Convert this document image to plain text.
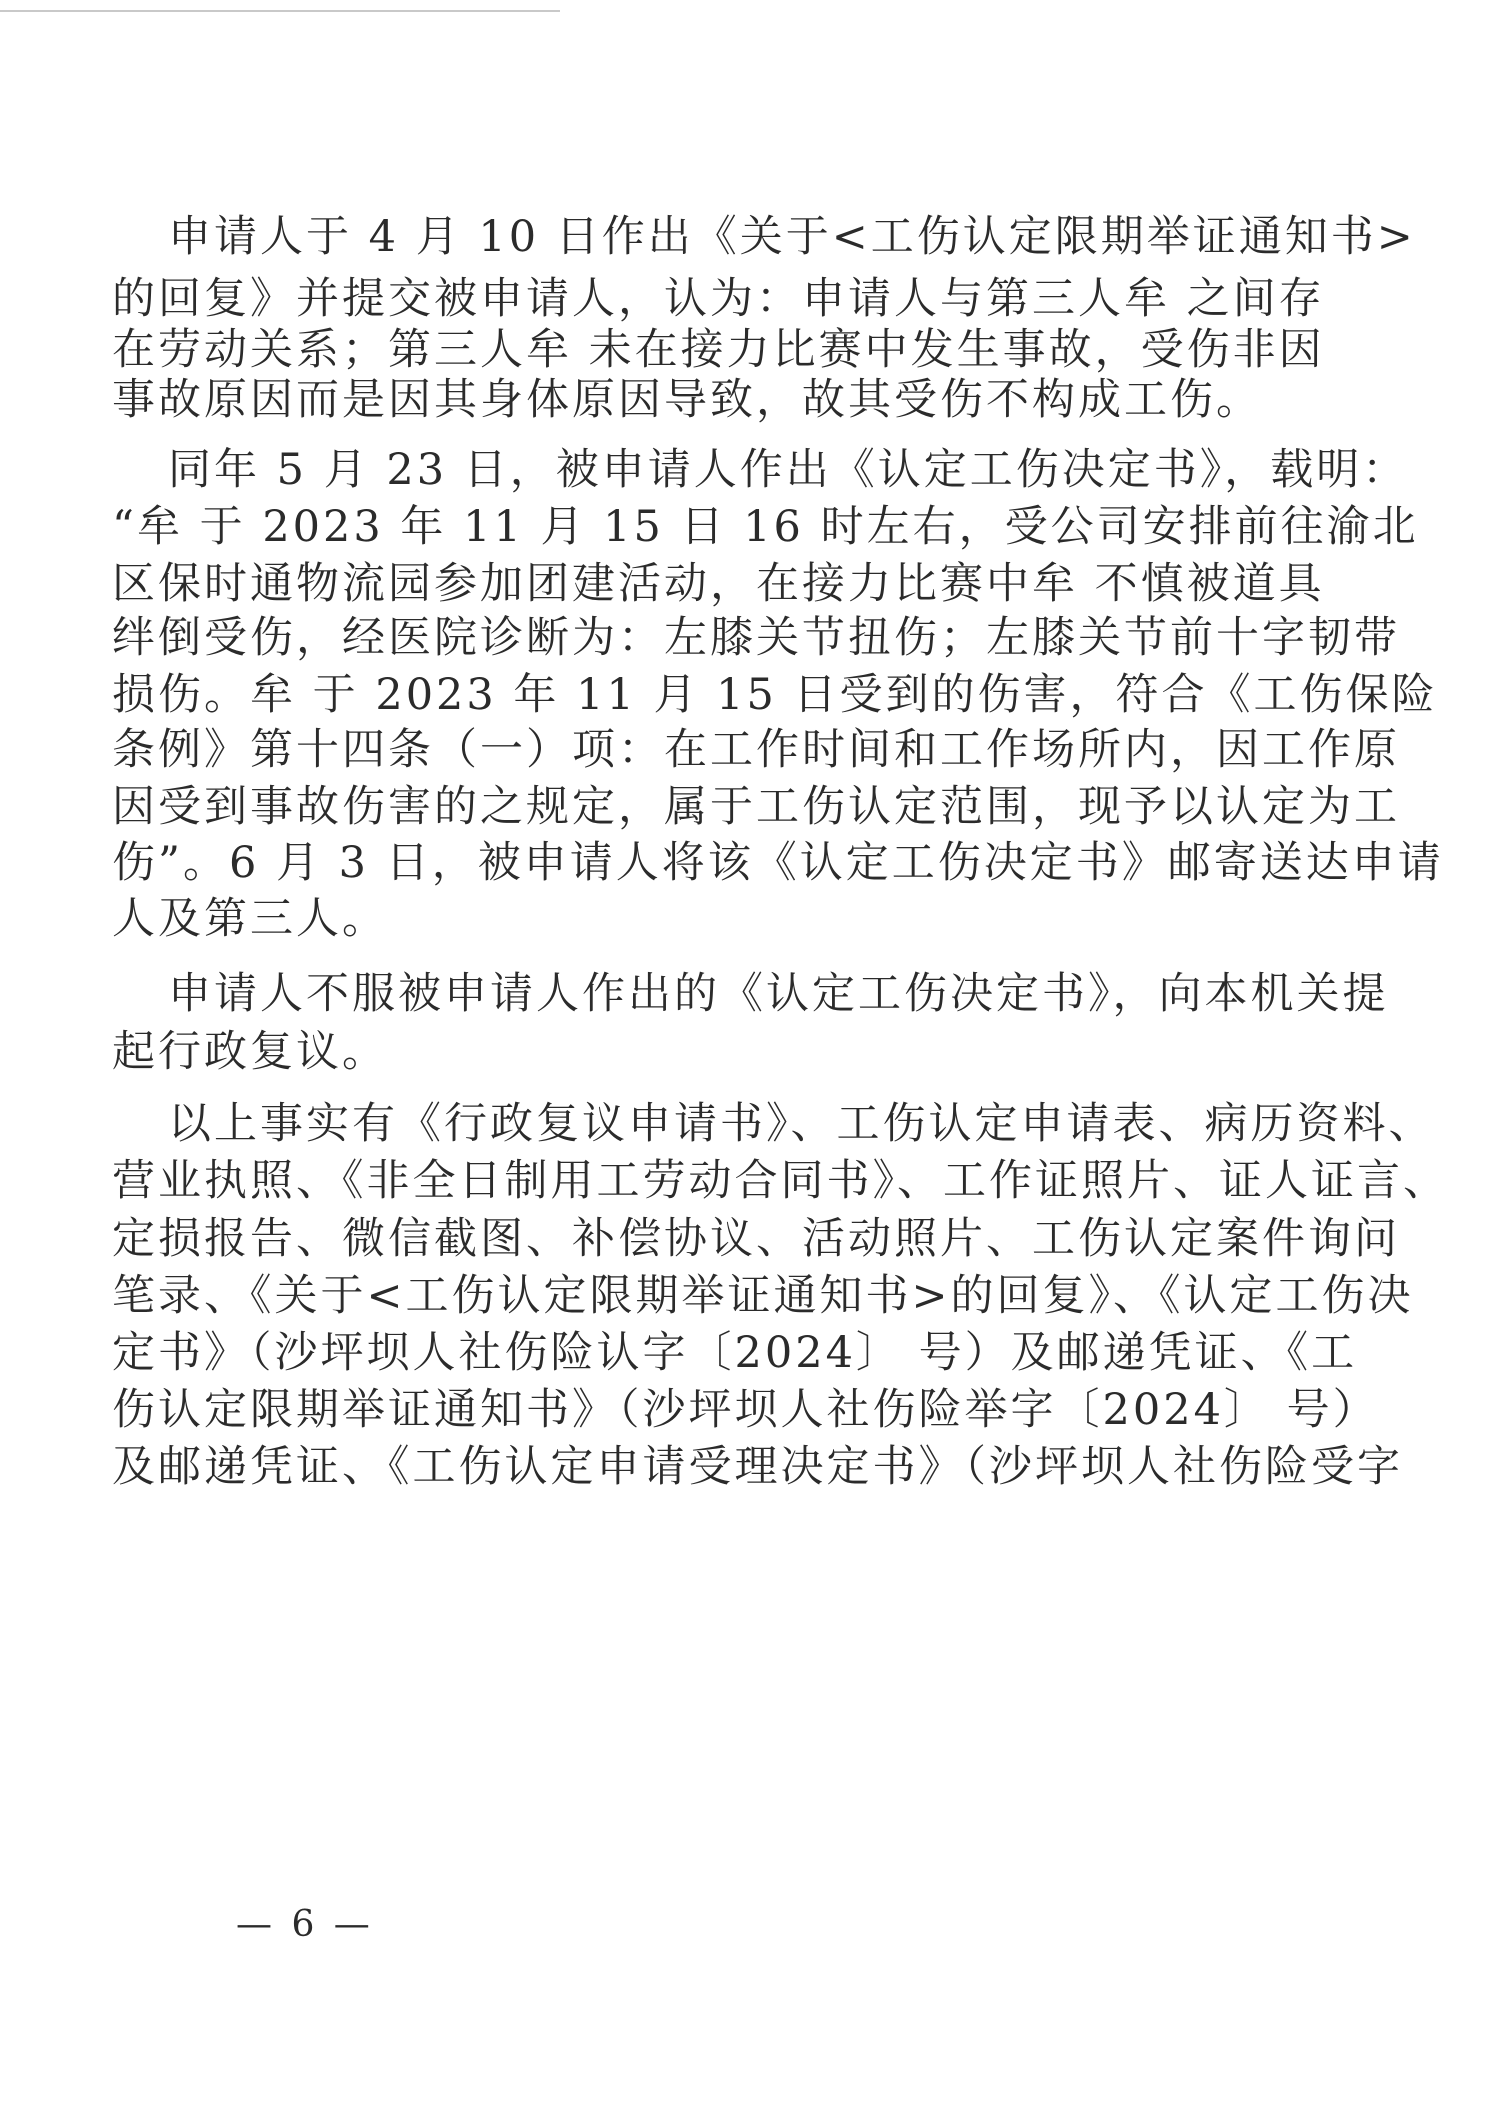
申请人于 4 月 10 日作出《关于<工伤认定限期举证通知书>
的回复》并提交被申请人，认为：申请人与第三人牟 之间存
在劳动关系；第三人牟 未在接力比赛中发生事故，受伤非因
事故原因而是因其身体原因导致，故其受伤不构成工伤。
同年 5 月 23 日，被申请人作出《认定工伤决定书》，载明：
“牟 于 2023 年 11 月 15 日 16 时左右，受公司安排前往渝北
区保时通物流园参加团建活动，在接力比赛中牟 不慎被道具
绊倒受伤，经医院诊断为：左膝关节扭伤；左膝关节前十字韧带
损伤。牟 于 2023 年 11 月 15 日受到的伤害，符合《工伤保险
条例》第十四条（一）项：在工作时间和工作场所内，因工作原
因受到事故伤害的之规定，属于工伤认定范围，现予以认定为工
伤”。6 月 3 日，被申请人将该《认定工伤决定书》邮寄送达申请
人及第三人。
申请人不服被申请人作出的《认定工伤决定书》，向本机关提
起行政复议。
以上事实有《行政复议申请书》、工伤认定申请表、病历资料、
营业执照、《非全日制用工劳动合同书》、工作证照片、证人证言、
定损报告、微信截图、补偿协议、活动照片、工伤认定案件询问
笔录、《关于<工伤认定限期举证通知书>的回复》、《认定工伤决
定书》（沙坪坝人社伤险认字〔2024〕 号）及邮递凭证、《工
伤认定限期举证通知书》（沙坪坝人社伤险举字〔2024〕 号）
及邮递凭证、《工伤认定申请受理决定书》（沙坪坝人社伤险受字
— 6 —
